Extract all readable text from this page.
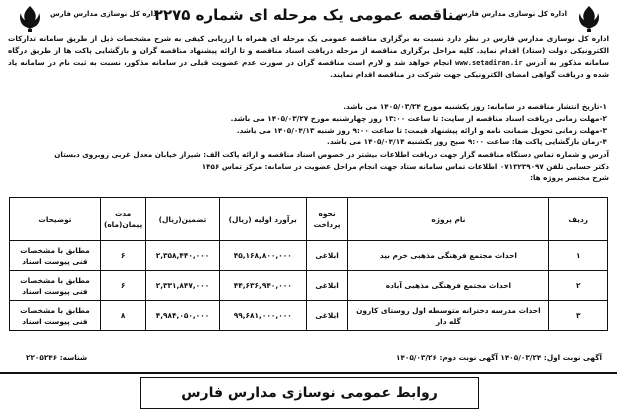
اداره کل نوسازی مدارس فارس
مناقصه عمومی یک مرحله ای شماره ۲۲۷۵
اداره کل نوسازی مدارس فارس

اداره کل نوسازی مدارس فارس در نظر دارد نسبت به برگزاری مناقصه عمومی یک مرحله ای همراه با ارزیابی کیفی به شرح مشخصات ذیل از طریق سامانه تدارکات الکترونیکی دولت (ستاد) اقدام نماید. کلیه مراحل برگزاری مناقصه از مرحله دریافت اسناد مناقصه و تا ارائه پیشنهاد مناقصه گران و بازگشایی پاکت ها از طریق درگاه سامانه مذکور به آدرس www.setadiran.ir انجام خواهد شد و لازم است مناقصه گران در صورت عدم عضویت قبلی در سامانه مذکور، نسبت به ثبت نام در سامانه یاد شده و دریافت گواهی امضای الکترونیکی جهت شرکت در مناقصه اقدام نمایند.

۱-تاریخ انتشار مناقصه در سامانه: روز یکشنبه مورخ ۱۴۰۵/۰۳/۲۴ می باشد.
۲-مهلت زمانی دریافت اسناد مناقصه از سایت: تا ساعت ۱۳:۰۰ روز چهارشنبه مورخ ۱۴۰۵/۰۳/۲۷ می باشد.
۳-مهلت زمانی تحویل ضمانت نامه و ارائه پیشنهاد قیمت: تا ساعت ۹:۰۰ روز شنبه ۱۴۰۵/۰۴/۱۳ می باشد.
۴-زمان بازگشایی پاکت ها: ساعت ۹:۰۰ صبح روز یکشنبه ۱۴۰۵/۰۴/۱۴ می باشد.
آدرس و شماره تماس دستگاه مناقصه گزار جهت دریافت اطلاعات بیشتر در خصوص اسناد مناقصه و ارائه پاکت الف: شیراز خیابان معدل غربی روبروی دبستان
دکتر حسابی تلفن ۰۷۱۳۲۳۹۰۹۷ اطلاعات تماس سامانه ستاد جهت انجام مراحل عضویت در سامانه: مرکز تماس ۱۴۵۶
شرح مختصر پروژه ها:
ردیف	نام پروژه	نحوه پرداخت	برآورد اولیه (ریال)	تضمین(ریال)	مدت پیمان(ماه)	توضیحات
۱	احداث مجتمع فرهنگی مذهبی خرم بید	ابلاغی	۴۵,۱۶۸,۸۰۰,۰۰۰	۲,۳۵۸,۴۴۰,۰۰۰	۶	مطابق با مشخصات فنی پیوست اسناد
۲	احداث مجتمع فرهنگی مذهبی آباده	ابلاغی	۴۴,۶۳۶,۹۴۰,۰۰۰	۲,۳۳۱,۸۴۷,۰۰۰	۶	مطابق با مشخصات فنی پیوست اسناد
۳	احداث مدرسه دخترانه متوسطه اول روستای کارون گله دار	ابلاغی	۹۹,۶۸۱,۰۰۰,۰۰۰	۴,۹۸۴,۰۵۰,۰۰۰	۸	مطابق با مشخصات فنی پیوست اسناد
آگهی نوبت اول: ۱۴۰۵/۰۳/۲۴ آگهی نوبت دوم: ۱۴۰۵/۰۳/۲۶
شناسه: ۲۲۰۵۲۴۶
روابط عمومی نوسازی مدارس فارس
